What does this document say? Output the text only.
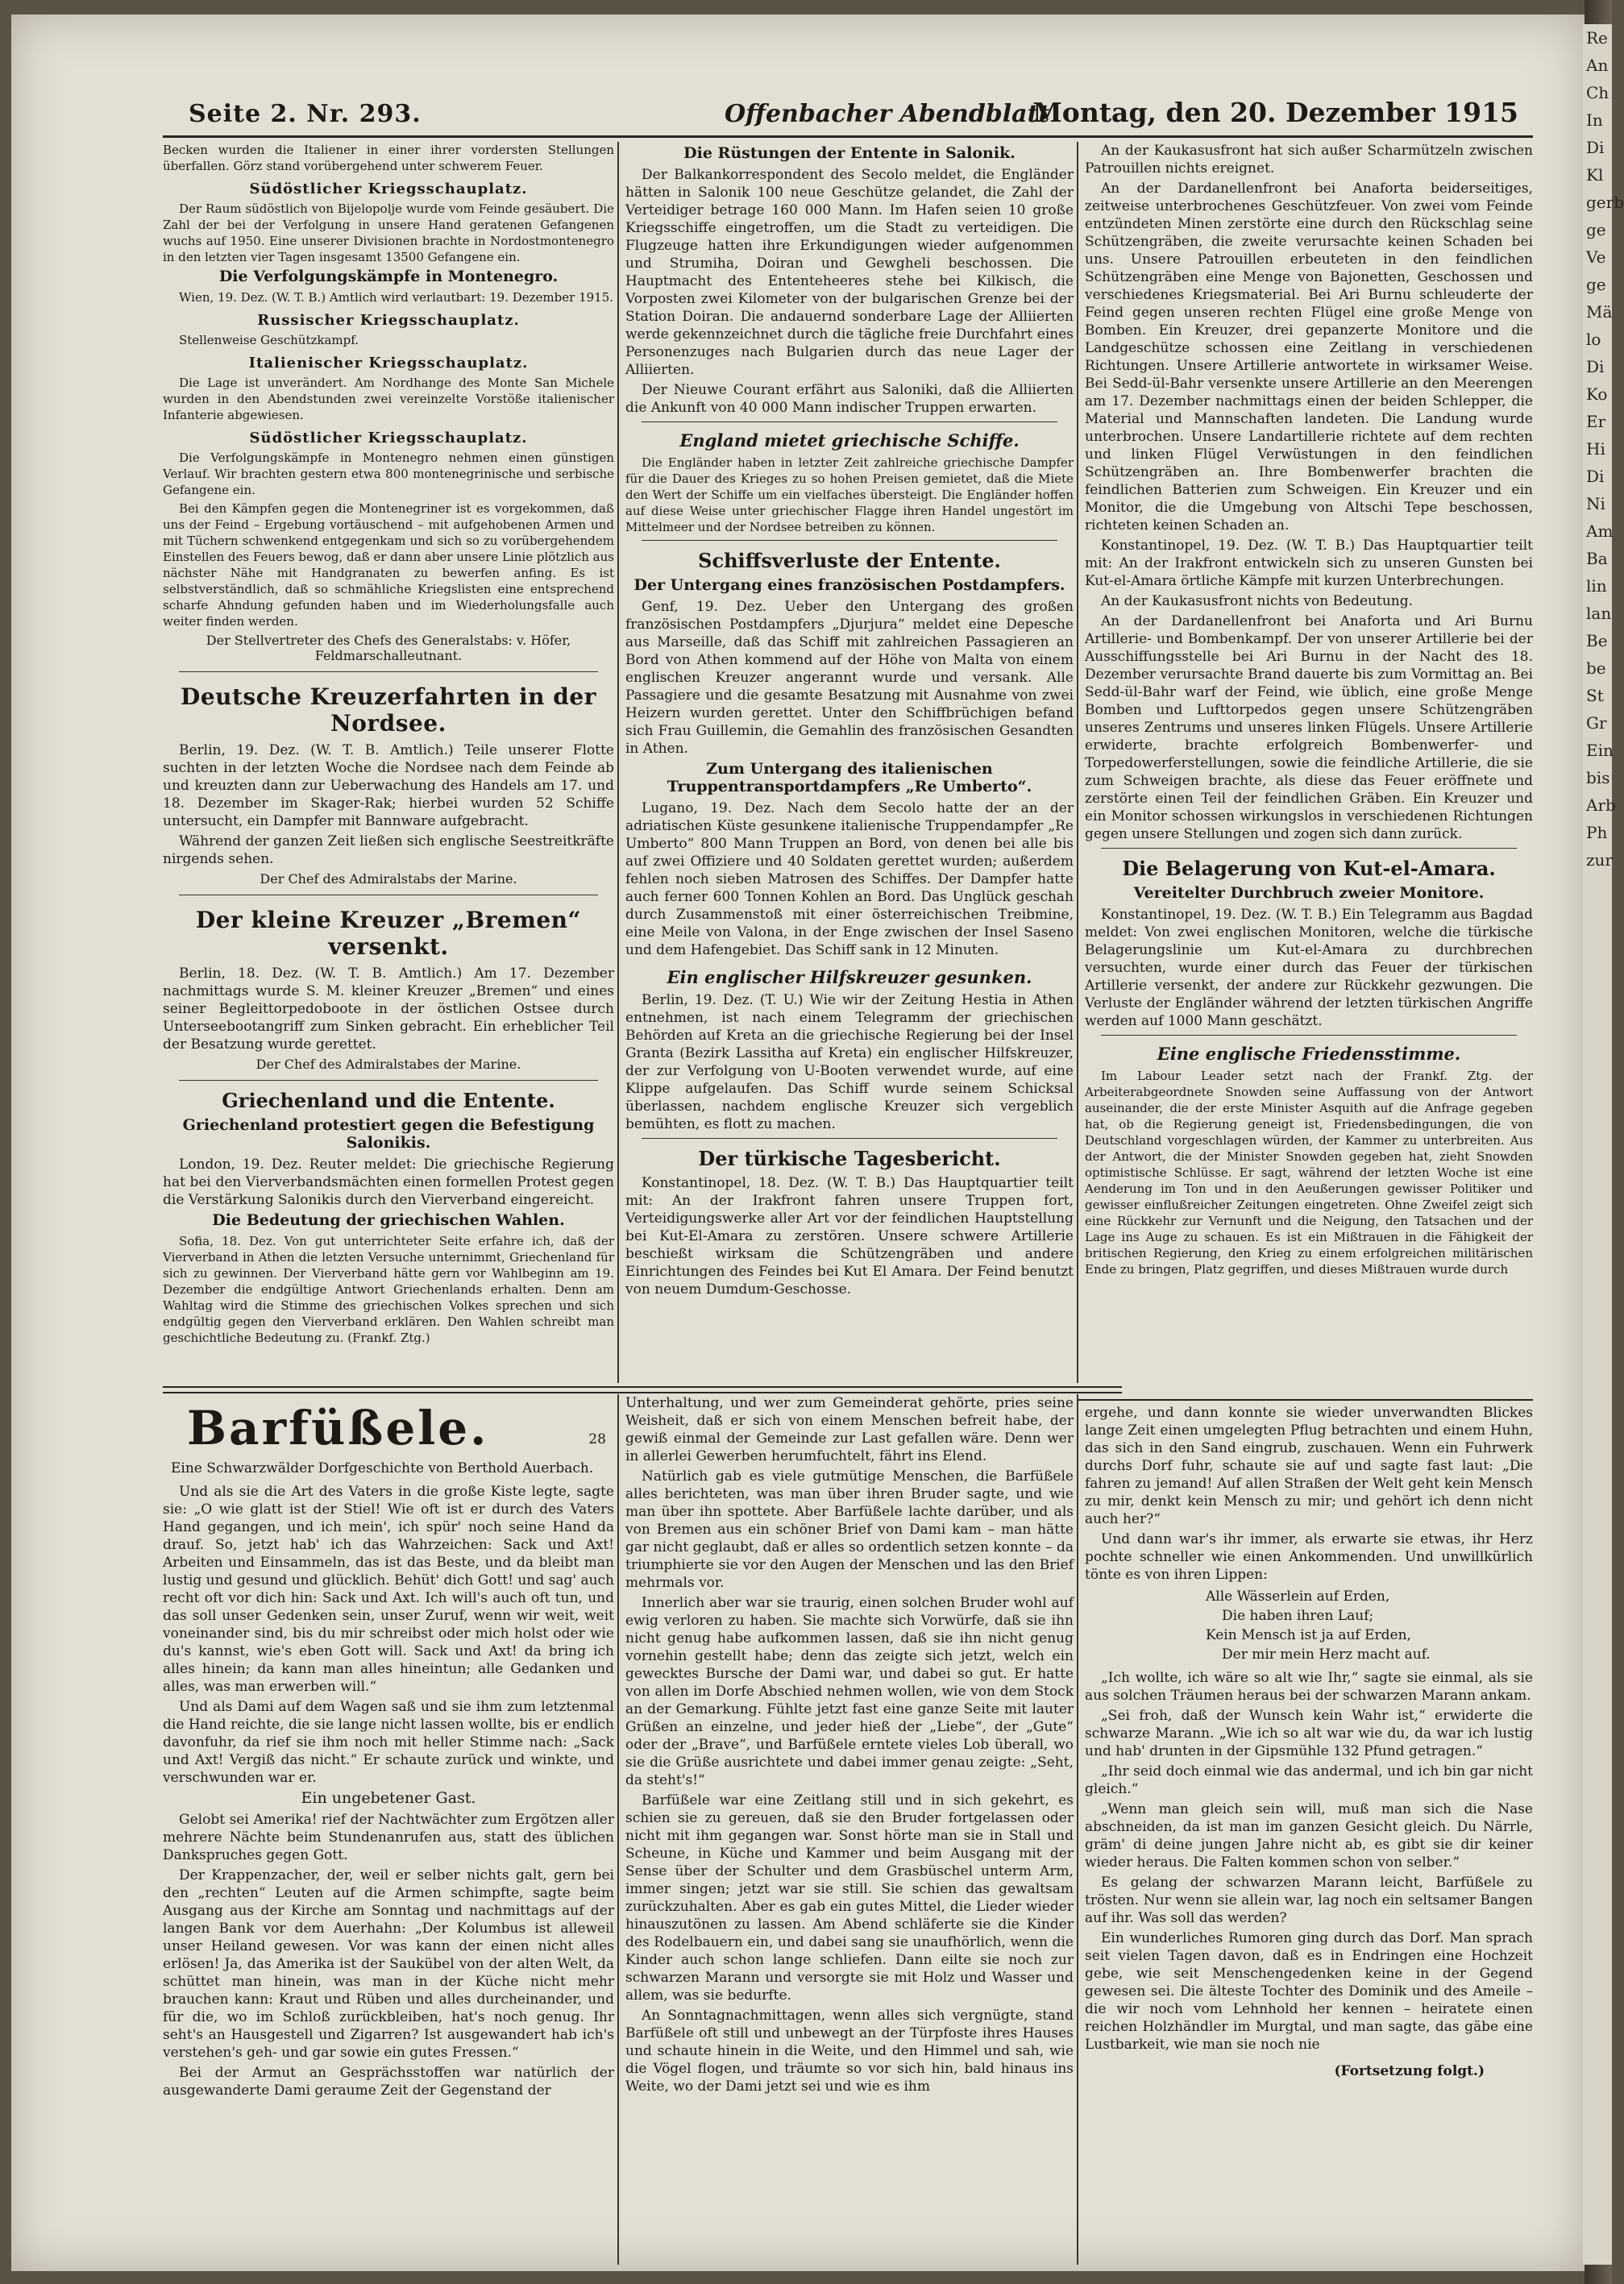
Seite 2. Nr. 293.	Offenbacher Abendblatt
Montag, den 20. Dezember 1915

Becken wurden die Italiener in einer ihrer vordersten Stellungen überfallen. Görz stand vorübergehend unter schwerem Feuer.

Südöstlicher Kriegsschauplatz.

Der Raum südöstlich von Bijelopolje wurde vom Feinde gesäubert. Die Zahl der bei der Verfolgung in unsere Hand geratenen Gefangenen wuchs auf 1950. Eine unserer Divisionen brachte in Nordostmontenegro in den letzten vier Tagen insgesamt 13500 Gefangene ein.

Die Verfolgungskämpfe in Montenegro.

Wien, 19. Dez. (W. T. B.) Amtlich wird verlautbart: 19. Dezember 1915.

Russischer Kriegsschauplatz.

Stellenweise Geschützkampf.

Italienischer Kriegsschauplatz.

Die Lage ist unverändert. Am Nordhange des Monte San Michele wurden in den Abendstunden zwei vereinzelte Vorstöße italienischer Infanterie abgewiesen.

Südöstlicher Kriegsschauplatz.

Die Verfolgungskämpfe in Montenegro nehmen einen günstigen Verlauf. Wir brachten gestern etwa 800 montenegrinische und serbische Gefangene ein.

Bei den Kämpfen gegen die Montenegriner ist es vorgekommen, daß uns der Feind – Ergebung vortäuschend – mit aufgehobenen Armen und mit Tüchern schwenkend entgegenkam und sich so zu vorübergehendem Einstellen des Feuers bewog, daß er dann aber unsere Linie plötzlich aus nächster Nähe mit Handgranaten zu bewerfen anfing. Es ist selbstverständlich, daß so schmähliche Kriegslisten eine entsprechend scharfe Ahndung gefunden haben und im Wiederholungsfalle auch weiter finden werden.

Der Stellvertreter des Chefs des Generalstabs: v. Höfer, Feldmarschalleutnant.
Deutsche Kreuzerfahrten in der Nordsee.

Berlin, 19. Dez. (W. T. B. Amtlich.) Teile unserer Flotte suchten in der letzten Woche die Nordsee nach dem Feinde ab und kreuzten dann zur Ueberwachung des Handels am 17. und 18. Dezember im Skager-Rak; hierbei wurden 52 Schiffe untersucht, ein Dampfer mit Bannware aufgebracht.

Während der ganzen Zeit ließen sich englische Seestreitkräfte nirgends sehen.

Der Chef des Admiralstabs der Marine.
Der kleine Kreuzer „Bremen“ versenkt.

Berlin, 18. Dez. (W. T. B. Amtlich.) Am 17. Dezember nachmittags wurde S. M. kleiner Kreuzer „Bremen“ und eines seiner Begleittorpedoboote in der östlichen Ostsee durch Unterseebootangriff zum Sinken gebracht. Ein erheblicher Teil der Besatzung wurde gerettet.

Der Chef des Admiralstabes der Marine.
Griechenland und die Entente.
Griechenland protestiert gegen die Befestigung Salonikis.

London, 19. Dez. Reuter meldet: Die griechische Regierung hat bei den Vierverbandsmächten einen formellen Protest gegen die Verstärkung Salonikis durch den Vierverband eingereicht.

Die Bedeutung der griechischen Wahlen.

Sofia, 18. Dez. Von gut unterrichteter Seite erfahre ich, daß der Vierverband in Athen die letzten Versuche unternimmt, Griechenland für sich zu gewinnen. Der Vierverband hätte gern vor Wahlbeginn am 19. Dezember die endgültige Antwort Griechenlands erhalten. Denn am Wahltag wird die Stimme des griechischen Volkes sprechen und sich endgültig gegen den Vierverband erklären. Den Wahlen schreibt man geschichtliche Bedeutung zu. (Frankf. Ztg.)

Die Rüstungen der Entente in Salonik.

Der Balkankorrespondent des Secolo meldet, die Engländer hätten in Salonik 100 neue Geschütze gelandet, die Zahl der Verteidiger betrage 160 000 Mann. Im Hafen seien 10 große Kriegsschiffe eingetroffen, um die Stadt zu verteidigen. Die Flugzeuge hatten ihre Erkundigungen wieder aufgenommen und Strumiha, Doiran und Gewgheli beschossen. Die Hauptmacht des Ententeheeres stehe bei Kilkisch, die Vorposten zwei Kilometer von der bulgarischen Grenze bei der Station Doiran. Die andauernd sonderbare Lage der Alliierten werde gekennzeichnet durch die tägliche freie Durchfahrt eines Personenzuges nach Bulgarien durch das neue Lager der Alliierten.

Der Nieuwe Courant erfährt aus Saloniki, daß die Alliierten die Ankunft von 40 000 Mann indischer Truppen erwarten.

England mietet griechische Schiffe.

Die Engländer haben in letzter Zeit zahlreiche griechische Dampfer für die Dauer des Krieges zu so hohen Preisen gemietet, daß die Miete den Wert der Schiffe um ein vielfaches übersteigt. Die Engländer hoffen auf diese Weise unter griechischer Flagge ihren Handel ungestört im Mittelmeer und der Nordsee betreiben zu können.

Schiffsverluste der Entente.
Der Untergang eines französischen Postdampfers.

Genf, 19. Dez. Ueber den Untergang des großen französischen Postdampfers „Djurjura“ meldet eine Depesche aus Marseille, daß das Schiff mit zahlreichen Passagieren an Bord von Athen kommend auf der Höhe von Malta von einem englischen Kreuzer angerannt wurde und versank. Alle Passagiere und die gesamte Besatzung mit Ausnahme von zwei Heizern wurden gerettet. Unter den Schiffbrüchigen befand sich Frau Guillemin, die Gemahlin des französischen Gesandten in Athen.

Zum Untergang des italienischen Truppentransportdampfers „Re Umberto“.

Lugano, 19. Dez. Nach dem Secolo hatte der an der adriatischen Küste gesunkene italienische Truppendampfer „Re Umberto“ 800 Mann Truppen an Bord, von denen bei alle bis auf zwei Offiziere und 40 Soldaten gerettet wurden; außerdem fehlen noch sieben Matrosen des Schiffes. Der Dampfer hatte auch ferner 600 Tonnen Kohlen an Bord. Das Unglück geschah durch Zusammenstoß mit einer österreichischen Treibmine, eine Meile von Valona, in der Enge zwischen der Insel Saseno und dem Hafengebiet. Das Schiff sank in 12 Minuten.

Ein englischer Hilfskreuzer gesunken.

Berlin, 19. Dez. (T. U.) Wie wir der Zeitung Hestia in Athen entnehmen, ist nach einem Telegramm der griechischen Behörden auf Kreta an die griechische Regierung bei der Insel Granta (Bezirk Lassitha auf Kreta) ein englischer Hilfskreuzer, der zur Verfolgung von U-Booten verwendet wurde, auf eine Klippe aufgelaufen. Das Schiff wurde seinem Schicksal überlassen, nachdem englische Kreuzer sich vergeblich bemühten, es flott zu machen.

Der türkische Tagesbericht.

Konstantinopel, 18. Dez. (W. T. B.) Das Hauptquartier teilt mit: An der Irakfront fahren unsere Truppen fort, Verteidigungswerke aller Art vor der feindlichen Hauptstellung bei Kut-El-Amara zu zerstören. Unsere schwere Artillerie beschießt wirksam die Schützengräben und andere Einrichtungen des Feindes bei Kut El Amara. Der Feind benutzt von neuem Dumdum-Geschosse.

An der Kaukasusfront hat sich außer Scharmützeln zwischen Patrouillen nichts ereignet.

An der Dardanellenfront bei Anaforta beiderseitiges, zeitweise unterbrochenes Geschützfeuer. Von zwei vom Feinde entzündeten Minen zerstörte eine durch den Rückschlag seine Schützengräben, die zweite verursachte keinen Schaden bei uns. Unsere Patrouillen erbeuteten in den feindlichen Schützengräben eine Menge von Bajonetten, Geschossen und verschiedenes Kriegsmaterial. Bei Ari Burnu schleuderte der Feind gegen unseren rechten Flügel eine große Menge von Bomben. Ein Kreuzer, drei gepanzerte Monitore und die Landgeschütze schossen eine Zeitlang in verschiedenen Richtungen. Unsere Artillerie antwortete in wirksamer Weise. Bei Sedd-ül-Bahr versenkte unsere Artillerie an den Meerengen am 17. Dezember nachmittags einen der beiden Schlepper, die Material und Mannschaften landeten. Die Landung wurde unterbrochen. Unsere Landartillerie richtete auf dem rechten und linken Flügel Verwüstungen in den feindlichen Schützengräben an. Ihre Bombenwerfer brachten die feindlichen Batterien zum Schweigen. Ein Kreuzer und ein Monitor, die die Umgebung von Altschi Tepe beschossen, richteten keinen Schaden an.

Konstantinopel, 19. Dez. (W. T. B.) Das Hauptquartier teilt mit: An der Irakfront entwickeln sich zu unseren Gunsten bei Kut-el-Amara örtliche Kämpfe mit kurzen Unterbrechungen.

An der Kaukasusfront nichts von Bedeutung.

An der Dardanellenfront bei Anaforta und Ari Burnu Artillerie- und Bombenkampf. Der von unserer Artillerie bei der Ausschiffungsstelle bei Ari Burnu in der Nacht des 18. Dezember verursachte Brand dauerte bis zum Vormittag an. Bei Sedd-ül-Bahr warf der Feind, wie üblich, eine große Menge Bomben und Lufttorpedos gegen unsere Schützengräben unseres Zentrums und unseres linken Flügels. Unsere Artillerie erwiderte, brachte erfolgreich Bombenwerfer- und Torpedowerferstellungen, sowie die feindliche Artillerie, die sie zum Schweigen brachte, als diese das Feuer eröffnete und zerstörte einen Teil der feindlichen Gräben. Ein Kreuzer und ein Monitor schossen wirkungslos in verschiedenen Richtungen gegen unsere Stellungen und zogen sich dann zurück.

Die Belagerung von Kut-el-Amara.
Vereitelter Durchbruch zweier Monitore.

Konstantinopel, 19. Dez. (W. T. B.) Ein Telegramm aus Bagdad meldet: Von zwei englischen Monitoren, welche die türkische Belagerungslinie um Kut-el-Amara zu durchbrechen versuchten, wurde einer durch das Feuer der türkischen Artillerie versenkt, der andere zur Rückkehr gezwungen. Die Verluste der Engländer während der letzten türkischen Angriffe werden auf 1000 Mann geschätzt.

Eine englische Friedensstimme.

Im Labour Leader setzt nach der Frankf. Ztg. der Arbeiterabgeordnete Snowden seine Auffassung von der Antwort auseinander, die der erste Minister Asquith auf die Anfrage gegeben hat, ob die Regierung geneigt ist, Friedensbedingungen, die von Deutschland vorgeschlagen würden, der Kammer zu unterbreiten. Aus der Antwort, die der Minister Snowden gegeben hat, zieht Snowden optimistische Schlüsse. Er sagt, während der letzten Woche ist eine Aenderung im Ton und in den Aeußerungen gewisser Politiker und gewisser einflußreicher Zeitungen eingetreten. Ohne Zweifel zeigt sich eine Rückkehr zur Vernunft und die Neigung, den Tatsachen und der Lage ins Auge zu schauen. Es ist ein Mißtrauen in die Fähigkeit der britischen Regierung, den Krieg zu einem erfolgreichen militärischen Ende zu bringen, Platz gegriffen, und dieses Mißtrauen wurde durch

Barfüßele.	28
Eine Schwarzwälder Dorfgeschichte von Berthold Auerbach.

Und als sie die Art des Vaters in die große Kiste legte, sagte sie: „O wie glatt ist der Stiel! Wie oft ist er durch des Vaters Hand gegangen, und ich mein', ich spür' noch seine Hand da drauf. So, jetzt hab' ich das Wahrzeichen: Sack und Axt! Arbeiten und Einsammeln, das ist das Beste, und da bleibt man lustig und gesund und glücklich. Behüt' dich Gott! und sag' auch recht oft vor dich hin: Sack und Axt. Ich will's auch oft tun, und das soll unser Gedenken sein, unser Zuruf, wenn wir weit, weit voneinander sind, bis du mir schreibst oder mich holst oder wie du's kannst, wie's eben Gott will. Sack und Axt! da bring ich alles hinein; da kann man alles hineintun; alle Gedanken und alles, was man erwerben will.“

Und als Dami auf dem Wagen saß und sie ihm zum letztenmal die Hand reichte, die sie lange nicht lassen wollte, bis er endlich davonfuhr, da rief sie ihm noch mit heller Stimme nach: „Sack und Axt! Vergiß das nicht.“ Er schaute zurück und winkte, und verschwunden war er.

Ein ungebetener Gast.

Gelobt sei Amerika! rief der Nachtwächter zum Ergötzen aller mehrere Nächte beim Stundenanrufen aus, statt des üblichen Dankspruches gegen Gott.

Der Krappenzacher, der, weil er selber nichts galt, gern bei den „rechten“ Leuten auf die Armen schimpfte, sagte beim Ausgang aus der Kirche am Sonntag und nachmittags auf der langen Bank vor dem Auerhahn: „Der Kolumbus ist alleweil unser Heiland gewesen. Vor was kann der einen nicht alles erlösen! Ja, das Amerika ist der Saukübel von der alten Welt, da schüttet man hinein, was man in der Küche nicht mehr brauchen kann: Kraut und Rüben und alles durcheinander, und für die, wo im Schloß zurückbleiben, hat's noch genug. Ihr seht's an Hausgestell und Zigarren? Ist ausgewandert hab ich's verstehen's geh- und gar sowie ein gutes Fressen.“

Bei der Armut an Gesprächsstoffen war natürlich der ausgewanderte Dami geraume Zeit der Gegenstand der

Unterhaltung, und wer zum Gemeinderat gehörte, pries seine Weisheit, daß er sich von einem Menschen befreit habe, der gewiß einmal der Gemeinde zur Last gefallen wäre. Denn wer in allerlei Gewerben herumfuchtelt, fährt ins Elend.

Natürlich gab es viele gutmütige Menschen, die Barfüßele alles berichteten, was man über ihren Bruder sagte, und wie man über ihn spottete. Aber Barfüßele lachte darüber, und als von Bremen aus ein schöner Brief von Dami kam – man hätte gar nicht geglaubt, daß er alles so ordentlich setzen konnte – da triumphierte sie vor den Augen der Menschen und las den Brief mehrmals vor.

Innerlich aber war sie traurig, einen solchen Bruder wohl auf ewig verloren zu haben. Sie machte sich Vorwürfe, daß sie ihn nicht genug habe aufkommen lassen, daß sie ihn nicht genug vornehin gestellt habe; denn das zeigte sich jetzt, welch ein gewecktes Bursche der Dami war, und dabei so gut. Er hatte von allen im Dorfe Abschied nehmen wollen, wie von dem Stock an der Gemarkung. Fühlte jetzt fast eine ganze Seite mit lauter Grüßen an einzelne, und jeder hieß der „Liebe“, der „Gute“ oder der „Brave“, und Barfüßele erntete vieles Lob überall, wo sie die Grüße ausrichtete und dabei immer genau zeigte: „Seht, da steht's!“

Barfüßele war eine Zeitlang still und in sich gekehrt, es schien sie zu gereuen, daß sie den Bruder fortgelassen oder nicht mit ihm gegangen war. Sonst hörte man sie in Stall und Scheune, in Küche und Kammer und beim Ausgang mit der Sense über der Schulter und dem Grasbüschel unterm Arm, immer singen; jetzt war sie still. Sie schien das gewaltsam zurückzuhalten. Aber es gab ein gutes Mittel, die Lieder wieder hinauszutönen zu lassen. Am Abend schläferte sie die Kinder des Rodelbauern ein, und dabei sang sie unaufhörlich, wenn die Kinder auch schon lange schliefen. Dann eilte sie noch zur schwarzen Marann und versorgte sie mit Holz und Wasser und allem, was sie bedurfte.

An Sonntagnachmittagen, wenn alles sich vergnügte, stand Barfüßele oft still und unbewegt an der Türpfoste ihres Hauses und schaute hinein in die Weite, und den Himmel und sah, wie die Vögel flogen, und träumte so vor sich hin, bald hinaus ins Weite, wo der Dami jetzt sei und wie es ihm

ergehe, und dann konnte sie wieder unverwandten Blickes lange Zeit einen umgelegten Pflug betrachten und einem Huhn, das sich in den Sand eingrub, zuschauen. Wenn ein Fuhrwerk durchs Dorf fuhr, schaute sie auf und sagte fast laut: „Die fahren zu jemand! Auf allen Straßen der Welt geht kein Mensch zu mir, denkt kein Mensch zu mir; und gehört ich denn nicht auch her?“

Und dann war's ihr immer, als erwarte sie etwas, ihr Herz pochte schneller wie einen Ankommenden. Und unwillkürlich tönte es von ihren Lippen:

Alle Wässerlein auf Erden,
Die haben ihren Lauf;
Kein Mensch ist ja auf Erden,
Der mir mein Herz macht auf.

„Ich wollte, ich wäre so alt wie Ihr,“ sagte sie einmal, als sie aus solchen Träumen heraus bei der schwarzen Marann ankam.

„Sei froh, daß der Wunsch kein Wahr ist,“ erwiderte die schwarze Marann. „Wie ich so alt war wie du, da war ich lustig und hab' drunten in der Gipsmühle 132 Pfund getragen.“

„Ihr seid doch einmal wie das andermal, und ich bin gar nicht gleich.“

„Wenn man gleich sein will, muß man sich die Nase abschneiden, da ist man im ganzen Gesicht gleich. Du Närrle, gräm' di deine jungen Jahre nicht ab, es gibt sie dir keiner wieder heraus. Die Falten kommen schon von selber.“

Es gelang der schwarzen Marann leicht, Barfüßele zu trösten. Nur wenn sie allein war, lag noch ein seltsamer Bangen auf ihr. Was soll das werden?

Ein wunderliches Rumoren ging durch das Dorf. Man sprach seit vielen Tagen davon, daß es in Endringen eine Hochzeit gebe, wie seit Menschengedenken keine in der Gegend gewesen sei. Die älteste Tochter des Dominik und des Ameile – die wir noch vom Lehnhold her kennen – heiratete einen reichen Holzhändler im Murgtal, und man sagte, das gäbe eine Lustbarkeit, wie man sie noch nie

(Fortsetzung folgt.)
Re
An
Ch
In
Di
Kl
gerb
ge
Ve
ge
Mä
lo
Di
Ko
Er
Hi
Di
Ni
Am
Ba
lin
lan
Be
be
St
Gr
Ein
bis
Arb
Ph
zur
